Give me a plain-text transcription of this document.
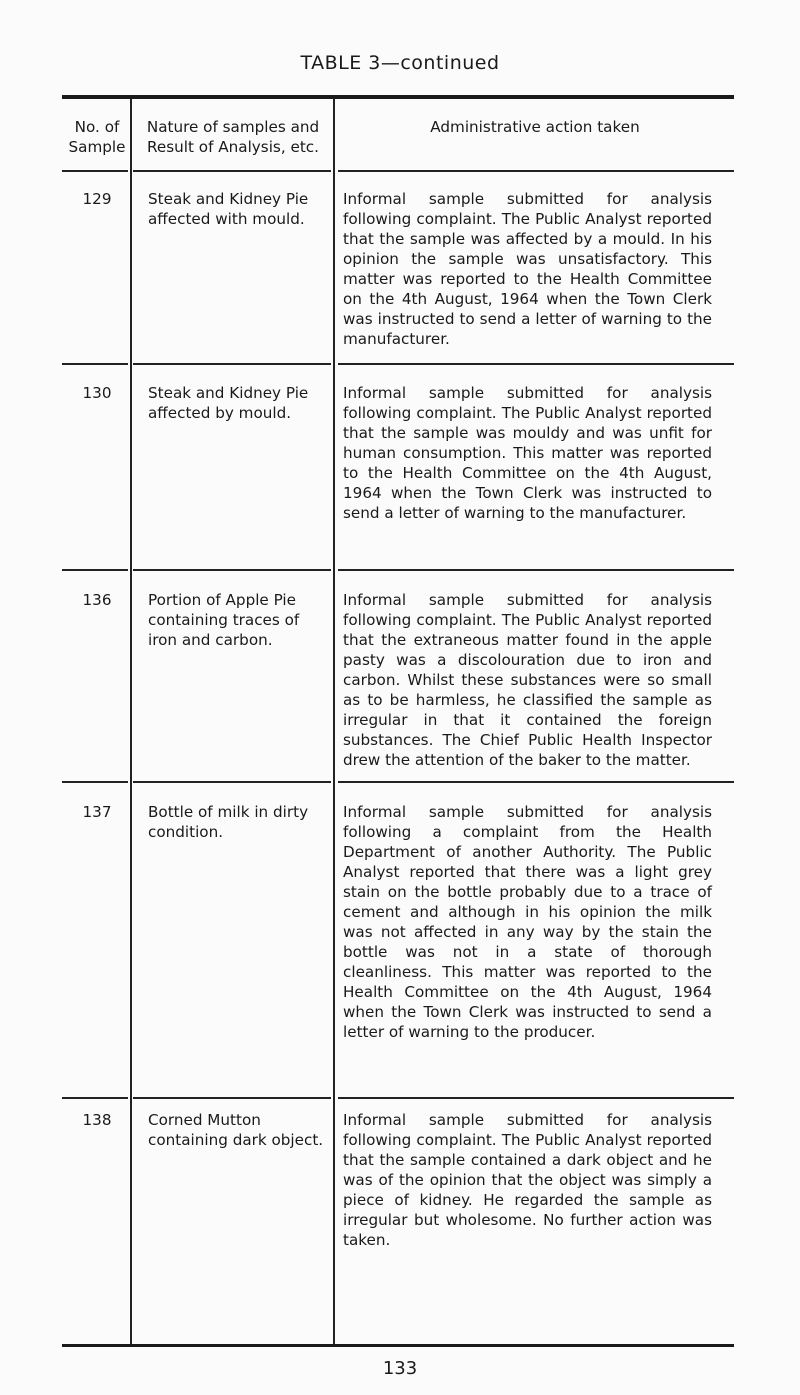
TABLE 3—continued
No. of Sample
Nature of samples and Result of Analysis, etc.
Administrative action taken
129	Steak and Kidney Pie affected with mould.
Informal sample submitted for analysis following complaint. The Public Analyst reported that the sample was affected by a mould. In his opinion the sample was unsatisfactory. This matter was reported to the Health Committee on the 4th August, 1964 when the Town Clerk was instructed to send a letter of warning to the manufacturer.
130	Steak and Kidney Pie affected by mould.
Informal sample submitted for analysis following complaint. The Public Analyst reported that the sample was mouldy and was unfit for human consumption. This matter was reported to the Health Committee on the 4th August, 1964 when the Town Clerk was instructed to send a letter of warning to the manufacturer.
136	Portion of Apple Pie containing traces of iron and carbon.
Informal sample submitted for analysis following complaint. The Public Analyst reported that the extraneous matter found in the apple pasty was a discolouration due to iron and carbon. Whilst these substances were so small as to be harmless, he classified the sample as irregular in that it contained the foreign substances. The Chief Public Health Inspector drew the attention of the baker to the matter.
137	Bottle of milk in dirty condition.
Informal sample submitted for analysis following a complaint from the Health Department of another Authority. The Public Analyst reported that there was a light grey stain on the bottle probably due to a trace of cement and although in his opinion the milk was not affected in any way by the stain the bottle was not in a state of thorough cleanliness. This matter was reported to the Health Committee on the 4th August, 1964 when the Town Clerk was instructed to send a letter of warning to the producer.
138	Corned Mutton containing dark object.
Informal sample submitted for analysis following complaint. The Public Analyst reported that the sample contained a dark object and he was of the opinion that the object was simply a piece of kidney. He regarded the sample as irregular but wholesome. No further action was taken.
133
